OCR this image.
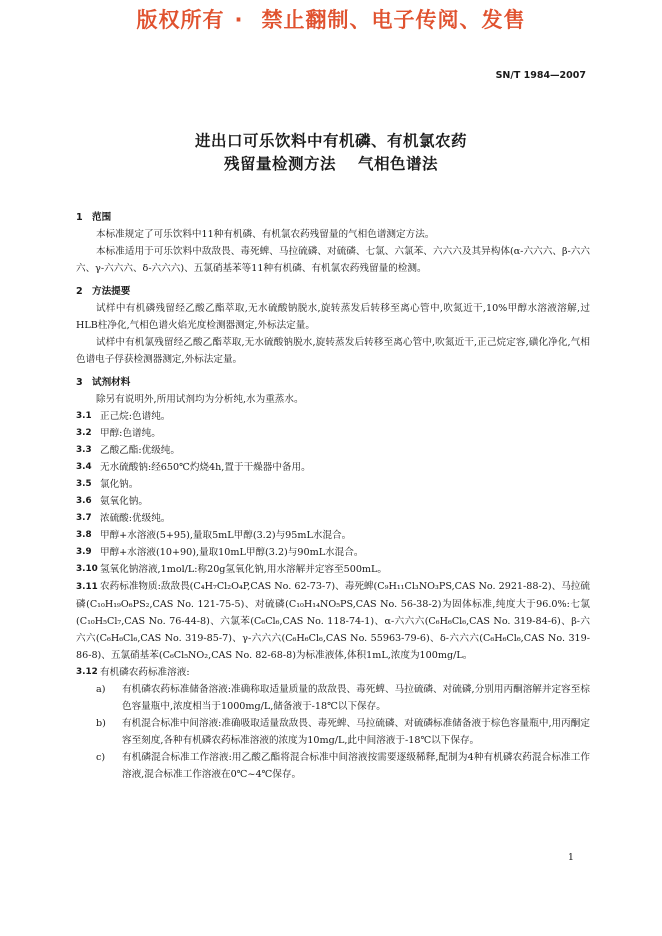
版权所有 · 禁止翻制、电子传阅、发售
SN/T 1984—2007
进出口可乐饮料中有机磷、有机氯农药
残留量检测方法 气相色谱法
1 范围

本标准规定了可乐饮料中11种有机磷、有机氯农药残留量的气相色谱测定方法。

本标准适用于可乐饮料中敌敌畏、毒死蜱、马拉硫磷、对硫磷、七氯、六氯苯、六六六及其异构体(α-六六六、β-六六六、γ-六六六、δ-六六六)、五氯硝基苯等11种有机磷、有机氯农药残留量的检测。

2 方法提要

试样中有机磷残留经乙酸乙酯萃取,无水硫酸钠脱水,旋转蒸发后转移至离心管中,吹氮近干,10%甲醇水溶液溶解,过HLB柱净化,气相色谱火焰光度检测器测定,外标法定量。

试样中有机氯残留经乙酸乙酯萃取,无水硫酸钠脱水,旋转蒸发后转移至离心管中,吹氮近干,正己烷定容,磺化净化,气相色谱电子俘获检测器测定,外标法定量。

3 试剂材料

除另有说明外,所用试剂均为分析纯,水为重蒸水。

3.1 正己烷:色谱纯。
3.2 甲醇:色谱纯。
3.3 乙酸乙酯:优级纯。
3.4 无水硫酸钠:经650℃灼烧4h,置于干燥器中备用。
3.5 氯化钠。
3.6 氨氧化钠。
3.7 浓硫酸:优级纯。
3.8 甲醇+水溶液(5+95),量取5mL甲醇(3.2)与95mL水混合。
3.9 甲醇+水溶液(10+90),量取10mL甲醇(3.2)与90mL水混合。
3.10 氢氧化钠溶液,1mol/L:称20g氢氧化钠,用水溶解并定容至500mL。

3.11 农药标准物质:敌敌畏(C₄H₇Cl₂O₄P,CAS No. 62-73-7)、毒死蜱(C₉H₁₁Cl₃NO₃PS,CAS No. 2921-88-2)、马拉硫磷(C₁₀H₁₉O₆PS₂,CAS No. 121-75-5)、对硫磷(C₁₀H₁₄NO₅PS,CAS No. 56-38-2)为固体标准,纯度大于96.0%:七氯(C₁₀H₅Cl₇,CAS No. 76-44-8)、六氯苯(C₆Cl₆,CAS No. 118-74-1)、α-六六六(C₆H₆Cl₆,CAS No. 319-84-6)、β-六六六(C₆H₆Cl₆,CAS No. 319-85-7)、γ-六六六(C₆H₆Cl₆,CAS No. 55963-79-6)、δ-六六六(C₆H₆Cl₆,CAS No. 319-86-8)、五氯硝基苯(C₆Cl₅NO₂,CAS No. 82-68-8)为标准液体,体积1mL,浓度为100mg/L。

3.12 有机磷农药标准溶液:

a) 有机磷农药标准储备溶液:准确称取适量质量的敌敌畏、毒死蜱、马拉硫磷、对硫磷,分别用丙酮溶解并定容至棕色容量瓶中,浓度相当于1000mg/L,储备液于-18℃以下保存。

b) 有机混合标准中间溶液:准确吸取适量敌敌畏、毒死蜱、马拉硫磷、对硫磷标准储备液于棕色容量瓶中,用丙酮定容至刻度,各种有机磷农药标准溶液的浓度为10mg/L,此中间溶液于-18℃以下保存。

c) 有机磷混合标准工作溶液:用乙酸乙酯将混合标准中间溶液按需要逐级稀释,配制为4种有机磷农药混合标准工作溶液,混合标准工作溶液在0℃~4℃保存。

1
